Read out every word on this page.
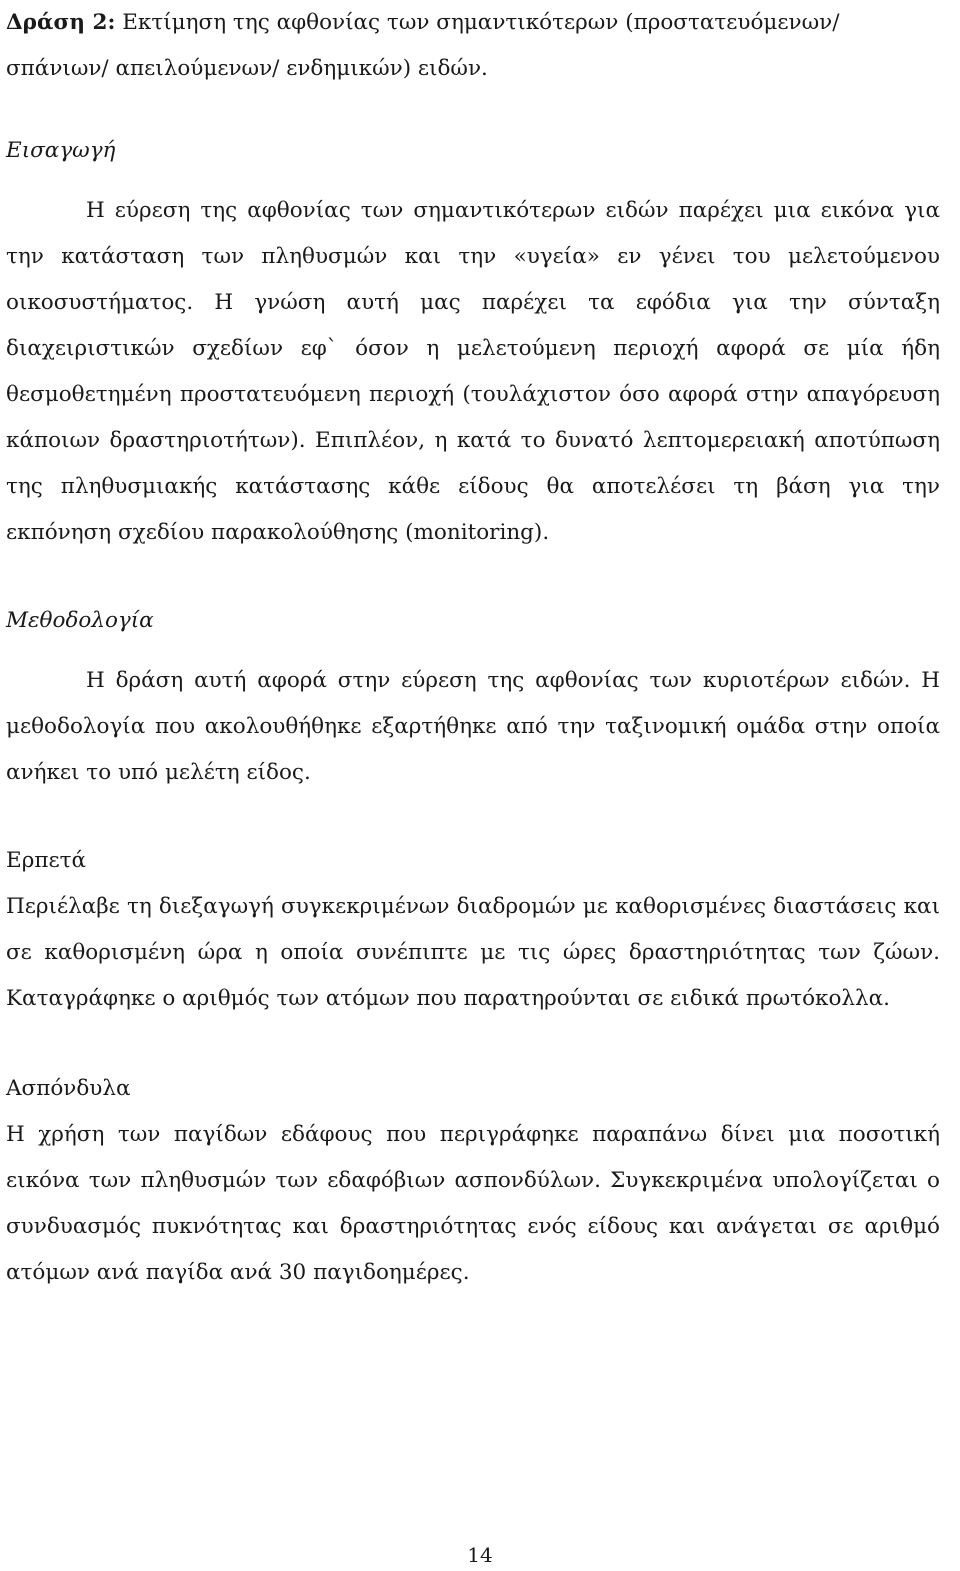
Δράση 2: Εκτίμηση της αφθονίας των σημαντικότερων (προστατευόμενων/ σπάνιων/ απειλούμενων/ ενδημικών) ειδών.

Εισαγωγή

Η εύρεση της αφθονίας των σημαντικότερων ειδών παρέχει μια εικόνα για την κατάσταση των πληθυσμών και την «υγεία» εν γένει του μελετούμενου οικοσυστήματος. Η γνώση αυτή μας παρέχει τα εφόδια για την σύνταξη διαχειριστικών σχεδίων εφ` όσον η μελετούμενη περιοχή αφορά σε μία ήδη θεσμοθετημένη προστατευόμενη περιοχή (τουλάχιστον όσο αφορά στην απαγόρευση κάποιων δραστηριοτήτων). Επιπλέον, η κατά το δυνατό λεπτομερειακή αποτύπωση της πληθυσμιακής κατάστασης κάθε είδους θα αποτελέσει τη βάση για την εκπόνηση σχεδίου παρακολούθησης (monitoring).

Μεθοδολογία

Η δράση αυτή αφορά στην εύρεση της αφθονίας των κυριοτέρων ειδών. Η μεθοδολογία που ακολουθήθηκε εξαρτήθηκε από την ταξινομική ομάδα στην οποία ανήκει το υπό μελέτη είδος.

Ερπετά

Περιέλαβε τη διεξαγωγή συγκεκριμένων διαδρομών με καθορισμένες διαστάσεις και σε καθορισμένη ώρα η οποία συνέπιπτε με τις ώρες δραστηριότητας των ζώων. Καταγράφηκε ο αριθμός των ατόμων που παρατηρούνται σε ειδικά πρωτόκολλα.

Ασπόνδυλα

Η χρήση των παγίδων εδάφους που περιγράφηκε παραπάνω δίνει μια ποσοτική εικόνα των πληθυσμών των εδαφόβιων ασπονδύλων. Συγκεκριμένα υπολογίζεται ο συνδυασμός πυκνότητας και δραστηριότητας ενός είδους και ανάγεται σε αριθμό ατόμων ανά παγίδα ανά 30 παγιδοημέρες.

14
